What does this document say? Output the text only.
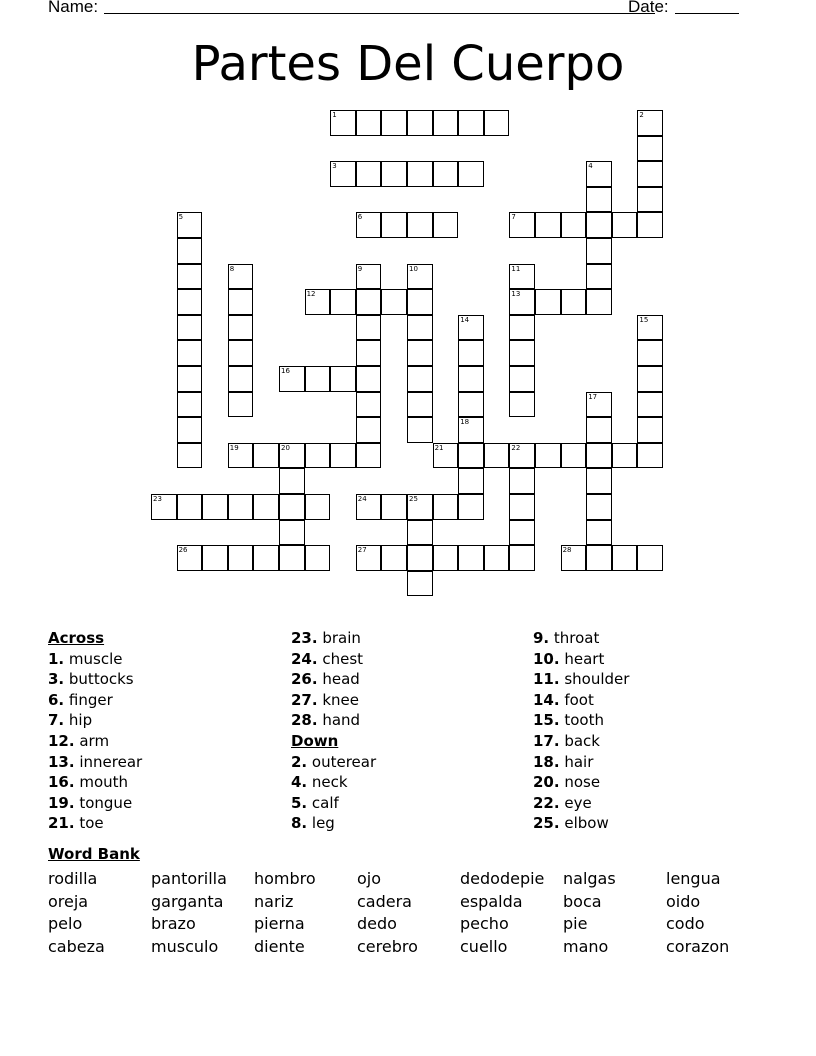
Name:	Date:
Partes Del Cuerpo
1
3
6	7
12	13
16
19	20	21	22
23	24	25
26	27	28
2
4
5
8	9	10	11
14	15
17
18
Across
1. muscle
3. buttocks
6. finger
7. hip
12. arm
13. innerear
16. mouth
19. tongue
21. toe
23. brain
24. chest
26. head
27. knee
28. hand
Down
2. outerear
4. neck
5. calf
8. leg
9. throat
10. heart
11. shoulder
14. foot
15. tooth
17. back
18. hair
20. nose
22. eye
25. elbow
Word Bank
rodilla	pantorilla	hombro	ojo	dedodepie	nalgas	lengua
oreja	garganta	nariz	cadera	espalda	boca	oido
pelo	brazo	pierna	dedo	pecho	pie	codo
cabeza	musculo	diente	cerebro	cuello	mano	corazon
